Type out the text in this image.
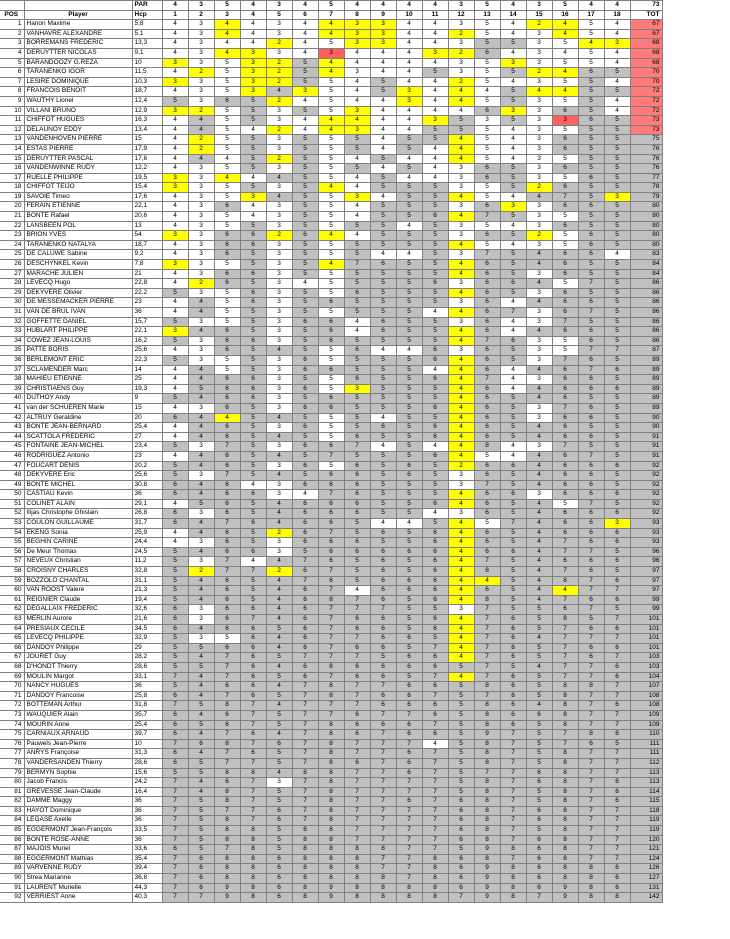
		PAR	4	3	5	4	3	4	5	4	4	4	4	3	5	4	3	5	4	4	73
POS	Player	Hcp	1	2	3	4	5	6	7	8	9	10	11	12	13	14	15	16	17	18	TOT
1	Hanon Maxime	5,8	4	3	4	4	3	4	4	3	3	4	4	3	5	4	2	4	5	4	67
2	VANHAVRE ALEXANDRE	5,1	4	3	4	4	3	4	4	3	3	4	4	2	5	4	3	4	5	4	67
3	BORREMANS FREDERIC	13,3	4	3	4	4	2	4	5	3	3	4	4	3	5	5	3	5	4	3	68
4	DERUYTTER NICOLAS	9,1	4	3	4	3	3	4	3	4	4	4	3	2	6	4	3	4	5	4	68
5	BARANDOOZY G.REZA	10	3	3	5	3	2	5	4	4	4	4	4	3	5	3	3	5	5	4	68
6	TARANENKO IGOR	11,5	4	2	5	3	2	5	4	3	4	4	5	3	5	5	2	4	6	5	70
7	LESIRE DOMINIQUE	10,3	3	3	5	3	2	5	5	4	5	4	4	2	5	4	3	5	5	4	70
8	FRANCOIS BENOIT	18,7	4	3	5	3	4	3	5	4	5	3	4	4	4	5	4	4	5	5	72
9	WAUTHY Lionel	12,4	5	3	6	5	2	4	5	4	4	3	4	4	5	5	3	5	5	4	72
10	VILLANI BRUNO	12,9	3	2	5	5	3	5	5	3	4	4	4	4	6	3	3	6	5	4	72
11	CHIFFOT HUGUES	16,3	4	4	5	5	3	4	4	4	4	4	3	5	3	5	3	3	6	5	73
12	DELAUNOY EDDY	13,4	4	4	5	4	2	4	4	3	4	4	5	5	5	4	3	5	5	5	73
13	VANDENHOVEN PIERRE	15	4	2	5	5	3	5	5	5	4	5	5	4	5	4	3	6	5	5	75
14	ESTAS PIERRE	17,9	4	2	5	5	3	5	5	5	4	5	4	4	5	4	3	6	5	5	76
15	DERUYTTER PASCAL	17,6	4	4	4	5	2	5	5	4	5	4	4	4	5	4	3	5	5	5	76
16	VANDENWINNE RUDY	12,2	4	3	5	5	3	5	5	5	4	5	4	3	6	5	3	6	5	5	76
17	RUELLE PHILIPPE	19,5	3	3	4	4	4	5	5	4	5	4	4	3	6	5	3	5	6	5	77
18	CHIFFOT TEIJO	15,4	3	3	5	5	3	5	4	4	5	5	5	3	5	5	2	6	5	5	78
19	SAVOIE Timeo	17,6	4	3	5	3	4	5	5	3	4	5	5	4	5	4	4	7	5	3	79
20	FERAIN ETIENNE	22,1	4	3	6	4	3	5	5	4	5	5	5	3	6	3	3	6	6	5	80
21	BONTE Rafael	20,6	4	3	5	4	3	5	5	4	5	5	6	4	7	5	3	5	5	5	80
22	LANSBEEN POL	13	4	3	5	5	3	5	5	5	5	4	5	3	5	4	3	6	5	5	80
23	BRION YVES	54	3	3	6	6	2	6	4	4	5	5	5	3	6	5	2	5	6	5	80
24	TARANENKO NATALYA	18,7	4	3	6	6	3	5	5	5	5	5	5	4	5	4	3	5	6	5	80
25	DE CALUWE Sabine	9,2	4	3	6	5	3	5	5	5	4	4	5	3	7	5	4	6	6	4	83
26	DESCHYNKEL Kevin	7,8	3	3	5	5	3	5	4	7	6	5	5	4	6	5	4	6	5	5	84
27	MARACHE JULIEN	21	4	3	6	6	3	5	5	5	5	5	5	4	6	5	3	6	5	5	84
28	LEVECQ Hugo	22,8	4	2	6	5	3	4	5	5	5	5	6	3	6	6	4	5	7	5	86
29	DEKYVERE Olivier	22,2	5	3	5	6	3	5	5	6	5	5	5	4	6	5	3	6	5	5	86
30	DE MESSEMACKER PIERRE	23	4	4	5	6	3	5	6	5	5	5	5	3	6	4	4	6	6	5	86
31	VAN DE BRUL IVAN	36	4	4	5	5	3	5	5	5	5	5	4	4	6	7	3	6	7	5	86
32	GOFFETTE DANIEL	15,7	5	3	5	5	3	6	6	4	6	5	5	3	6	4	3	7	5	5	86
33	HUBLART PHILIPPE	22,1	3	4	6	5	3	5	6	4	6	5	5	4	6	4	4	6	6	5	86
34	COWEZ JEAN-LOUIS	16,2	5	3	6	6	3	5	6	5	5	5	5	4	7	6	3	5	6	5	86
35	PATTE BORIS	25,6	4	3	6	5	4	5	5	6	4	4	6	3	6	5	3	5	7	7	87
36	BERLEMONT ERIC	22,3	5	3	5	5	3	6	5	5	5	5	6	4	6	5	3	7	6	5	89
37	SCLAMENDER Marc	14	4	4	5	5	3	6	6	5	5	5	4	4	6	4	4	6	7	6	89
38	MAHIEU ETIENNE	25	4	4	6	6	3	5	5	6	5	5	6	4	7	4	3	6	6	5	89
39	CHRISTIAENS Guy	19,3	4	5	6	6	3	6	5	3	5	5	5	4	6	4	4	6	6	6	89
40	DUTHOY Andy	9	5	4	6	6	3	5	6	5	5	5	5	4	6	5	4	6	5	5	89
41	van der SCHUEREN Marie	15	4	3	6	5	3	6	6	5	5	5	6	4	6	5	3	7	6	5	89
42	ALTRUY Geraldine	20	6	4	4	5	4	5	5	5	4	5	5	4	6	5	3	6	6	5	90
43	BONTE JEAN-BERNARD	25,4	4	4	6	5	3	6	5	5	6	5	6	4	6	5	4	6	5	5	90
44	SCATTOLA FRÉDÉRIC	27	4	4	6	5	4	5	5	6	5	5	6	4	6	5	4	6	6	5	91
45	FONTAINE JEAN-MICHEL	23,4	5	3	7	5	3	6	6	7	4	5	4	4	8	4	3	7	5	5	91
46	RODRIGUEZ Antonio	23	4	4	6	5	4	5	7	5	5	5	6	4	5	4	4	6	7	5	91
47	FOUCART DENIS	20,2	5	4	6	5	3	6	5	6	5	6	5	2	6	6	4	6	6	6	92
48	DEKYVERE Eric	25,6	5	3	7	5	4	5	6	6	5	6	5	3	6	5	4	6	6	5	92
49	BONTE MICHEL	30,8	6	4	6	4	3	6	6	6	5	5	5	3	7	5	4	6	6	5	92
50	CASTIAU Kevin	36	6	4	6	6	3	4	7	6	5	5	5	4	6	6	3	6	6	6	92
51	COLINET ALAIN	29,1	4	5	6	5	4	6	6	6	5	5	6	4	6	5	4	5	7	5	92
52	Ilijas Christophe Ghislain	26,8	6	3	6	5	4	6	6	6	5	5	4	3	6	5	4	6	6	6	92
53	COULON GUILLAUME	31,7	6	4	7	6	4	6	6	5	4	4	5	4	5	7	4	6	6	3	93
54	EKENG Sonia	25,9	4	4	6	5	2	6	7	5	6	5	6	4	6	5	4	6	6	6	93
55	BEGHIN CARINE	24,4	4	3	6	5	3	6	6	6	5	5	6	4	6	5	4	7	6	6	93
56	De Meur Thomas	24,5	5	4	6	6	3	5	6	6	6	6	6	4	6	6	4	7	7	5	96
57	NEVEUX Christian	11,2	5	3	7	4	4	7	6	5	6	5	6	4	7	5	4	6	6	6	96
58	CROISNY CHARLES	32,8	5	2	7	7	2	6	7	5	6	5	6	4	8	5	4	7	6	5	97
59	BOZZOLO CHANTAL	31,1	5	4	6	5	4	7	6	5	6	6	6	4	4	5	4	8	7	6	97
60	VAN ROOST Valere	21,3	5	4	6	5	4	6	7	4	6	6	6	4	6	5	4	4	7	7	97
61	REIGNIER Claude	19,4	5	4	6	5	4	6	8	7	6	5	6	4	8	5	4	7	6	6	99
62	DEGALLAIX FRÉDÉRIC	32,6	6	3	6	6	4	6	7	7	7	5	5	3	7	5	5	6	7	5	99
63	MERLIN Aurore	21,6	6	3	6	7	4	6	7	6	6	5	6	4	7	6	5	8	5	7	101
64	PRESIAUX CÉCILE	34,5	6	4	6	6	5	6	7	6	6	5	6	4	7	6	5	7	6	6	101
65	LEVECQ PHILIPPE	32,9	5	3	5	6	4	6	7	7	6	6	5	4	7	6	4	7	7	7	101
66	DANDOY Philippe	29	5	5	6	6	4	6	7	6	6	5	7	4	7	6	5	7	6	6	101
67	JOURET Guy	28,2	5	4	7	6	5	7	7	7	5	6	6	4	7	6	5	7	6	7	103
68	D'HONDT Thierry	28,6	5	5	7	6	4	6	8	6	6	6	6	5	7	5	4	7	7	6	103
69	MOULIN Margot	33,1	7	4	7	6	5	6	7	6	6	5	7	4	7	6	5	7	7	6	104
70	NANCY HUGUES	36	5	4	6	6	4	7	8	7	7	6	6	5	8	6	5	8	8	7	107
71	DANDOY Francoise	25,8	6	4	7	6	5	7	8	7	6	6	7	5	7	6	5	8	7	7	108
72	BOTTEMAN Arthur	31,8	7	5	8	7	4	7	7	7	6	6	6	5	8	6	4	8	7	6	108
73	WAUQUIER Alain	35,7	6	4	6	7	5	7	7	6	7	7	6	5	8	6	6	8	7	7	109
74	MOURIN Anne	25,4	6	5	6	7	5	7	8	6	6	6	7	5	8	6	5	8	7	7	109
75	CARNIAUX ARNAUD	39,7	6	4	7	6	4	7	8	6	7	6	6	5	9	7	5	7	8	8	110
76	Pauwels Jean-Pierre	10	7	6	8	7	6	7	8	7	7	7	4	5	8	7	5	7	6	5	111
77	ANRYS Françoise	31,3	6	4	7	6	5	7	8	7	7	6	7	5	8	7	5	8	7	7	111
78	VANDERSANDEN Thierry	28,6	6	5	7	7	5	7	8	6	7	6	7	5	8	7	5	8	7	7	112
79	BERMYN Sophie	15,6	5	5	8	8	4	8	8	7	7	6	7	5	7	7	6	8	7	7	113
80	Jacob Francis	24,2	7	4	6	7	3	7	8	7	7	7	7	5	8	7	6	8	7	8	113
81	GREVESSE Jean-Claude	16,4	7	4	8	7	5	7	8	7	7	7	7	5	8	7	5	8	7	6	114
82	DAMME Maggy	36	7	5	8	7	5	7	8	7	7	6	7	6	8	7	5	8	7	6	115
83	HAYOT Dominique	36	7	5	7	7	6	7	8	7	7	7	7	6	8	7	6	8	7	7	118
84	LEGASE Axelle	36	7	5	8	7	6	7	8	7	7	7	7	6	8	7	6	8	7	7	119
85	EGGERMONT Jean-François	33,5	7	5	8	8	5	8	8	7	7	7	7	6	8	7	5	8	7	7	119
86	BONTE ROSE-ANNE	36	7	5	8	8	5	8	8	7	7	7	7	6	8	7	6	8	7	7	120
87	MAJOIS Muriel	33,6	6	5	7	8	5	8	8	8	8	7	7	5	9	8	6	8	7	7	121
88	EGGERMONT Mathias	35,4	7	6	8	8	6	8	8	8	7	7	8	6	8	7	6	8	7	7	124
89	VARVENNE RUDY	39,4	7	6	8	8	6	8	8	8	7	7	8	6	9	8	6	8	8	6	126
90	Strea Marianne	36,8	7	6	8	8	6	8	8	8	8	7	8	6	9	8	6	8	8	6	127
91	LAURENT Murielle	44,3	7	6	9	8	6	8	9	8	8	8	8	6	9	8	6	9	8	6	131
92	VERRIEST Anne	40,3	7	7	9	8	6	8	9	8	8	8	8	7	9	8	7	9	8	8	142
